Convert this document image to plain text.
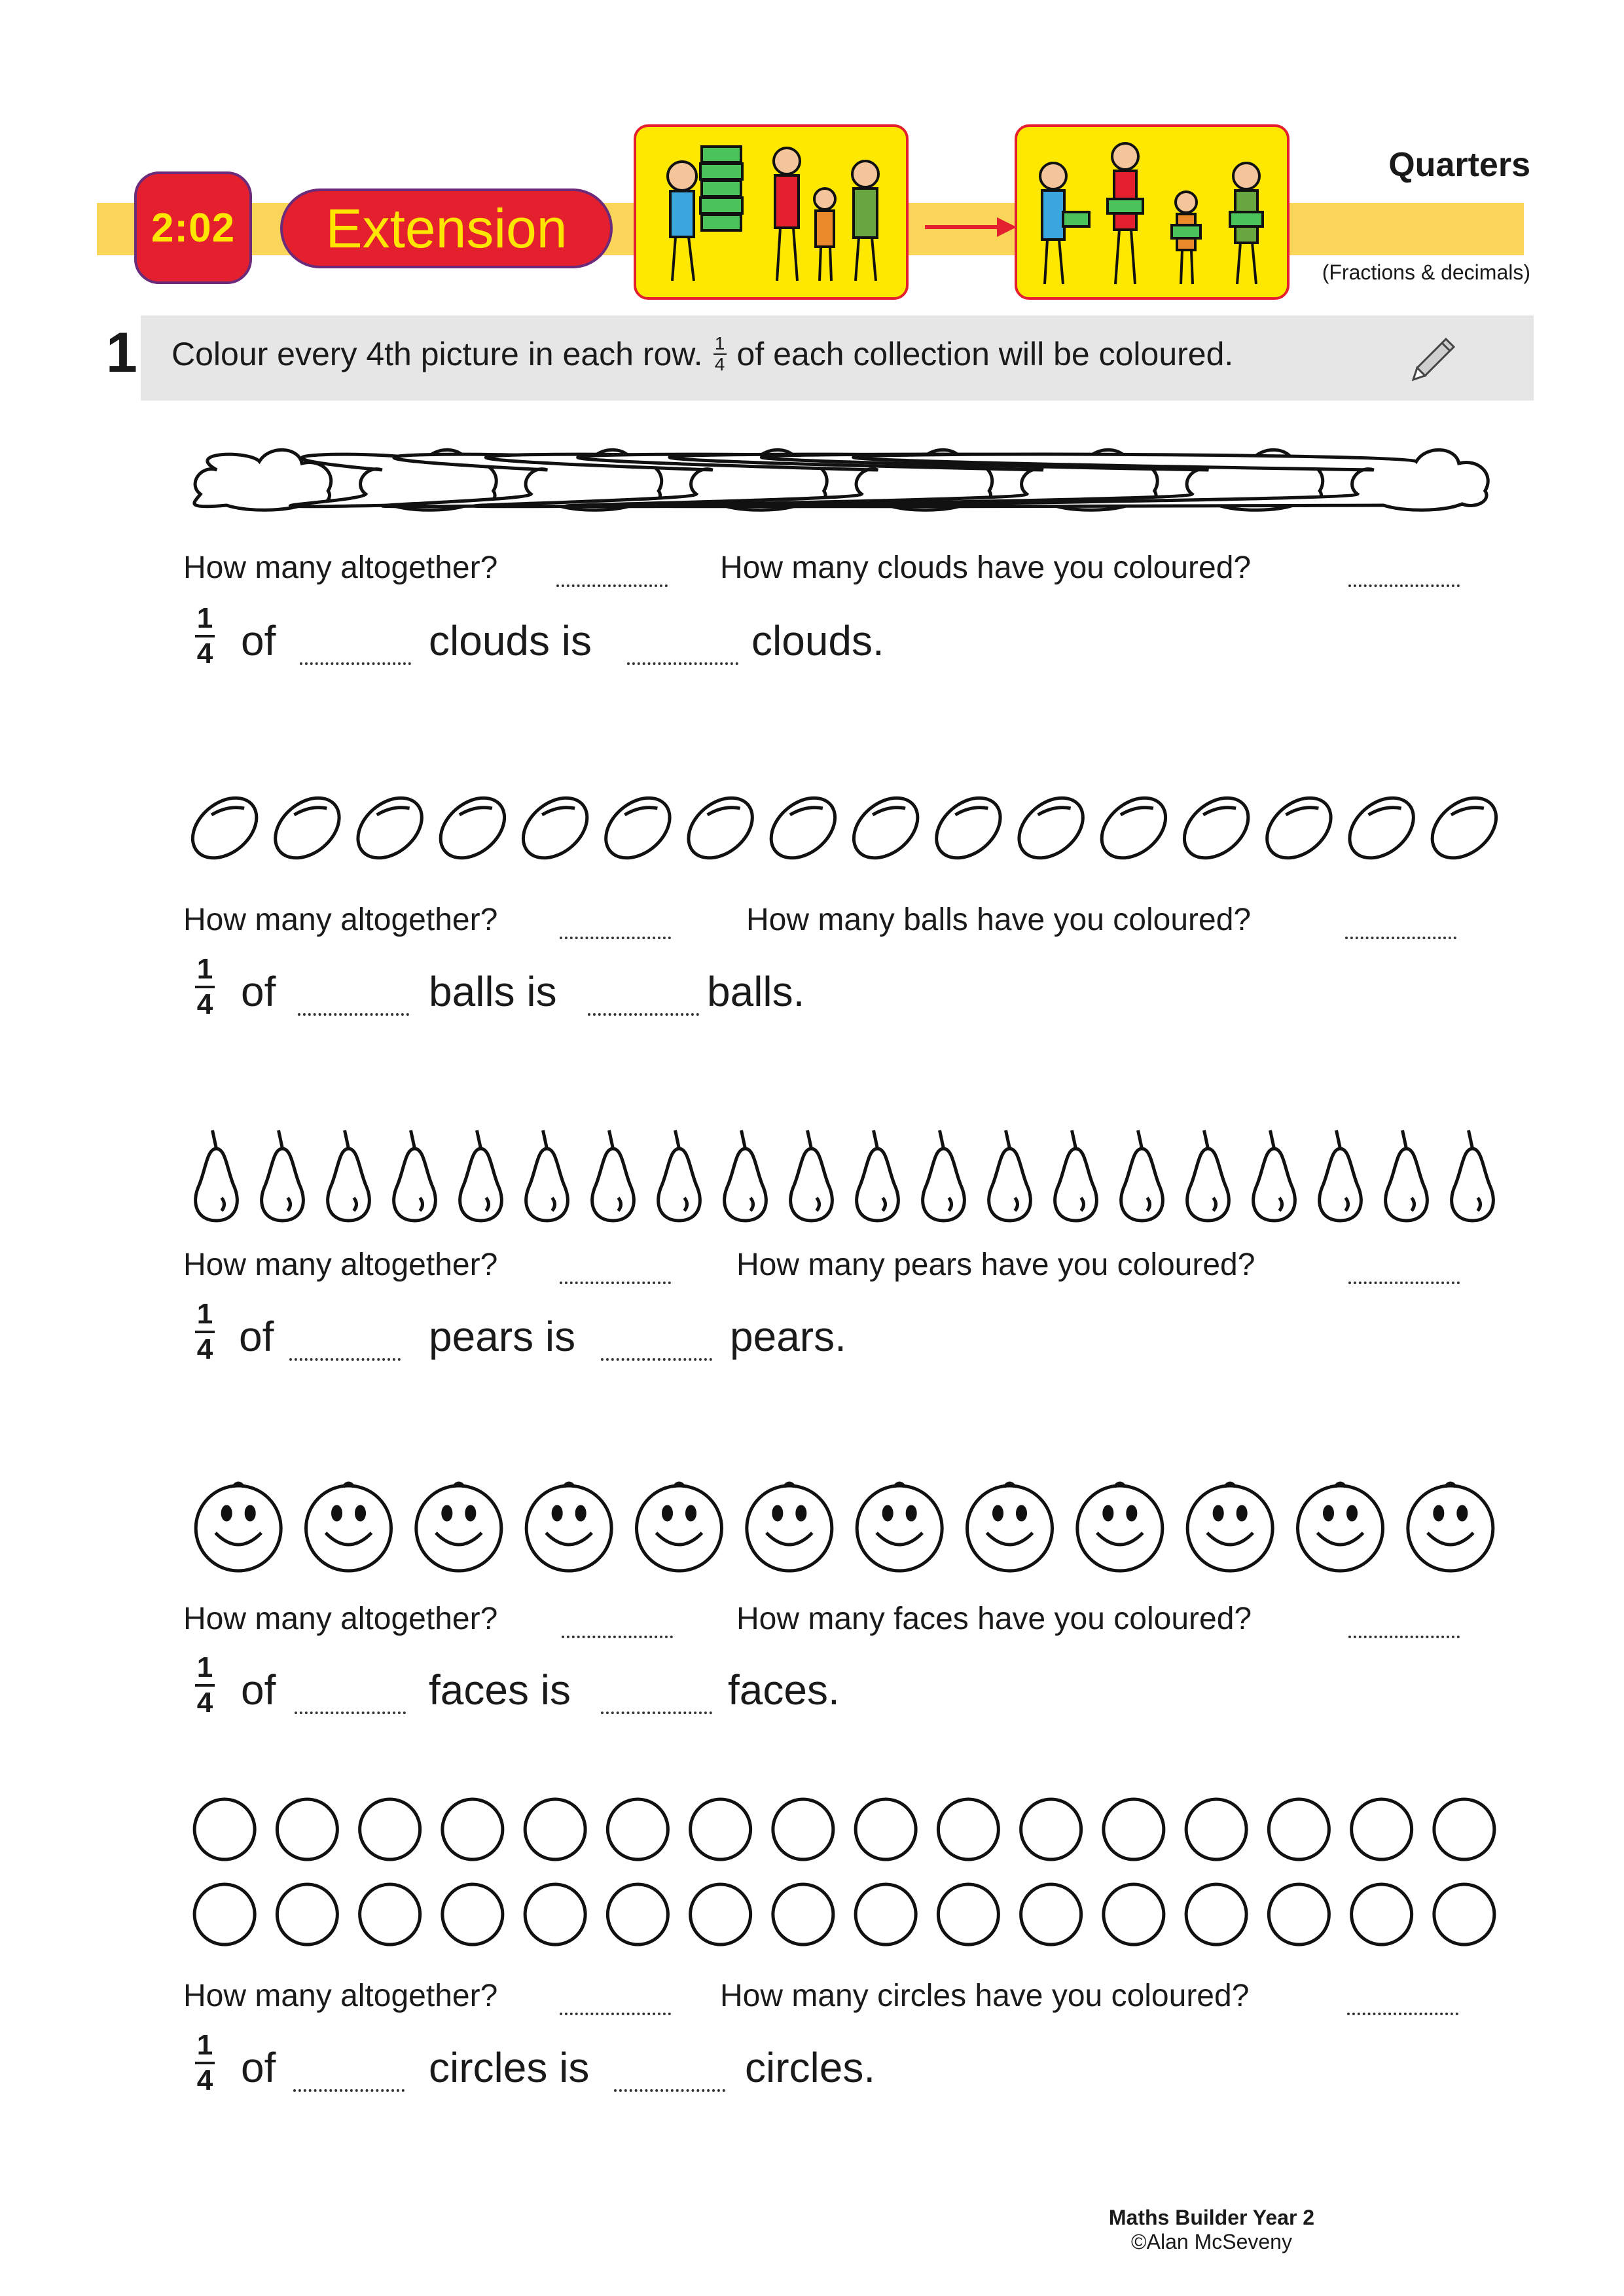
2:02	Extension
Quarters
(Fractions & decimals)
1 Colour every 4th picture in each row. $\frac{1}{4}$ of each collection will be coloured.
How many altogether?	How many clouds have you coloured?
1
4 of	clouds is	clouds.
How many altogether?	How many balls have you coloured?
1
4 of	balls is	balls.
How many altogether?	How many pears have you coloured?
1
4 of	pears is	pears.
How many altogether?	How many faces have you coloured?
1
4 of	faces is	faces.
How many altogether?	How many circles have you coloured?
1
4 of	circles is	circles.
Maths Builder Year 2
©Alan McSeveny
